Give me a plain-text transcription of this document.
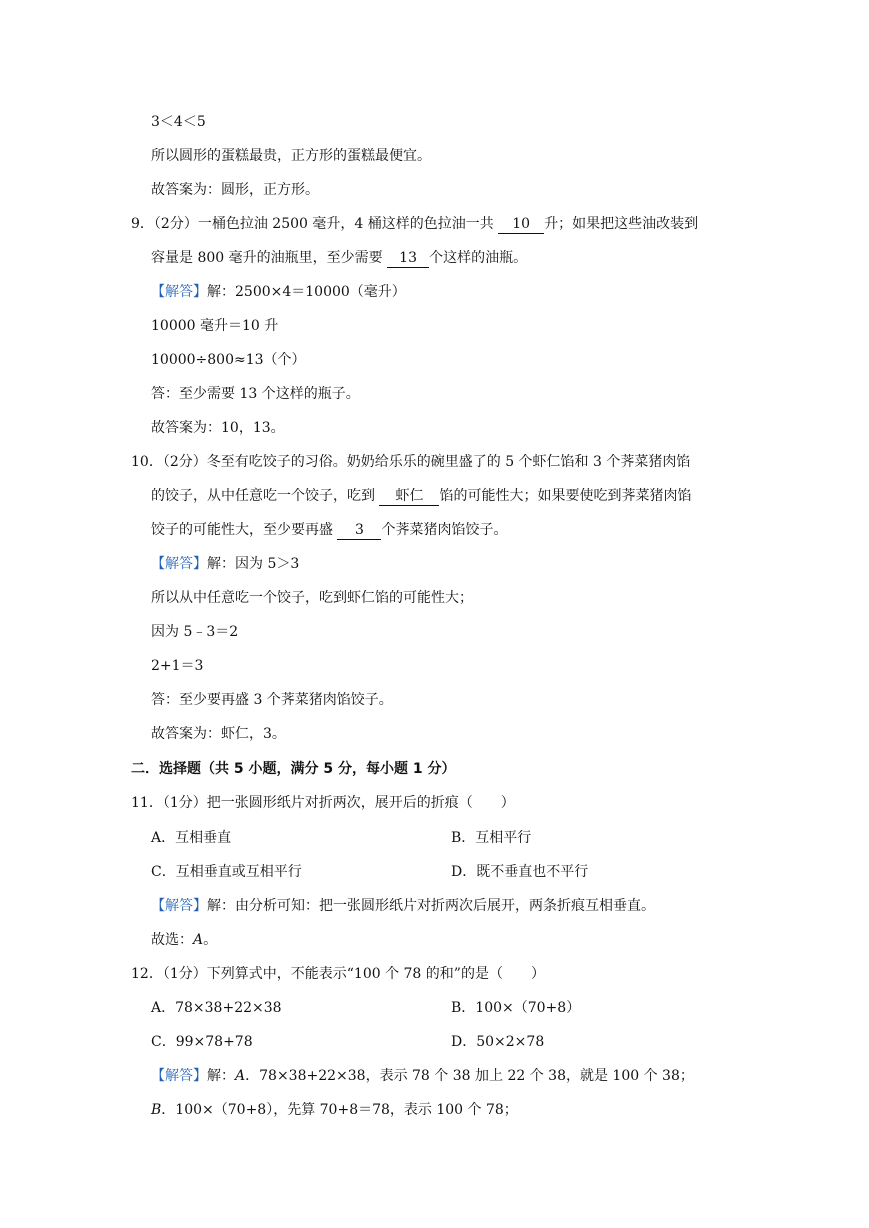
3＜4＜5
所以圆形的蛋糕最贵，正方形的蛋糕最便宜。
故答案为：圆形，正方形。
9．（2分）一桶色拉油 2500 毫升，4 桶这样的色拉油一共 10 升；如果把这些油改装到
容量是 800 毫升的油瓶里，至少需要 13 个这样的油瓶。
【解答】解：2500×4＝10000（毫升）
10000 毫升＝10 升
10000÷800≈13（个）
答：至少需要 13 个这样的瓶子。
故答案为：10，13。
10．（2分）冬至有吃饺子的习俗。奶奶给乐乐的碗里盛了的 5 个虾仁馅和 3 个荠菜猪肉馅
的饺子，从中任意吃一个饺子，吃到 虾仁 馅的可能性大；如果要使吃到荠菜猪肉馅
饺子的可能性大，至少要再盛 3 个荠菜猪肉馅饺子。
【解答】解：因为 5＞3
所以从中任意吃一个饺子，吃到虾仁馅的可能性大；
因为 5﹣3＝2
2+1＝3
答：至少要再盛 3 个荠菜猪肉馅饺子。
故答案为：虾仁，3。
二．选择题（共 5 小题，满分 5 分，每小题 1 分）
11．（1分）把一张圆形纸片对折两次，展开后的折痕（　　）
A．互相垂直	B．互相平行
C．互相垂直或互相平行	D．既不垂直也不平行
【解答】解：由分析可知：把一张圆形纸片对折两次后展开，两条折痕互相垂直。
故选：A。
12．（1分）下列算式中，不能表示“100 个 78 的和”的是（　　）
A．78×38+22×38	B．100×（70+8）
C．99×78+78	D．50×2×78
【解答】解：A．78×38+22×38，表示 78 个 38 加上 22 个 38，就是 100 个 38；
B．100×（70+8），先算 70+8＝78，表示 100 个 78；
